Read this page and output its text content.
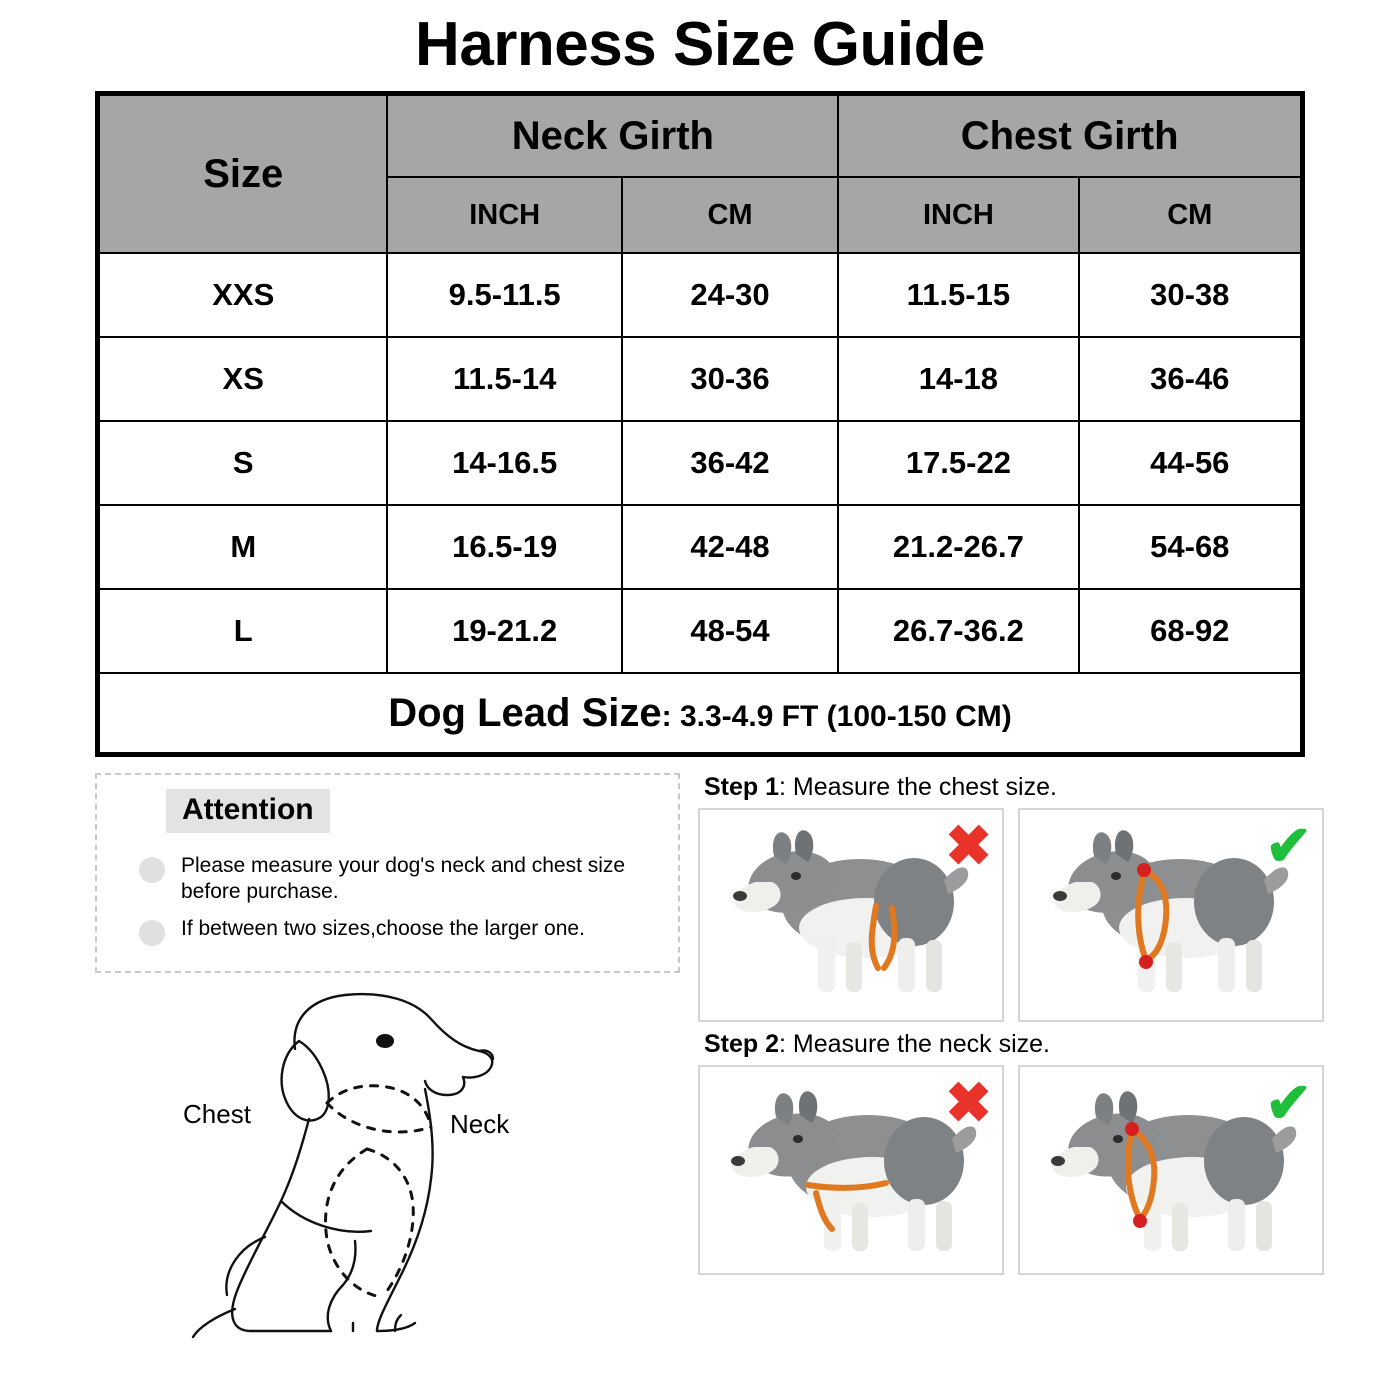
Harness Size Guide
Size	Neck Girth		Chest Girth	
	INCH	CM	INCH	CM
XXS	9.5-11.5	24-30	11.5-15	30-38
XS	11.5-14	30-36	14-18	36-46
S	14-16.5	36-42	17.5-22	44-56
M	16.5-19	42-48	21.2-26.7	54-68
L	19-21.2	48-54	26.7-36.2	68-92
Dog Lead Size: 3.3-4.9 FT (100-150 CM)				
Attention
Please measure your dog's neck and chest size before purchase.
If between two sizes,choose the larger one.
Chest	Neck
Step 1: Measure the chest size.
✖	✔
Step 2: Measure the neck size.
✖	✔
